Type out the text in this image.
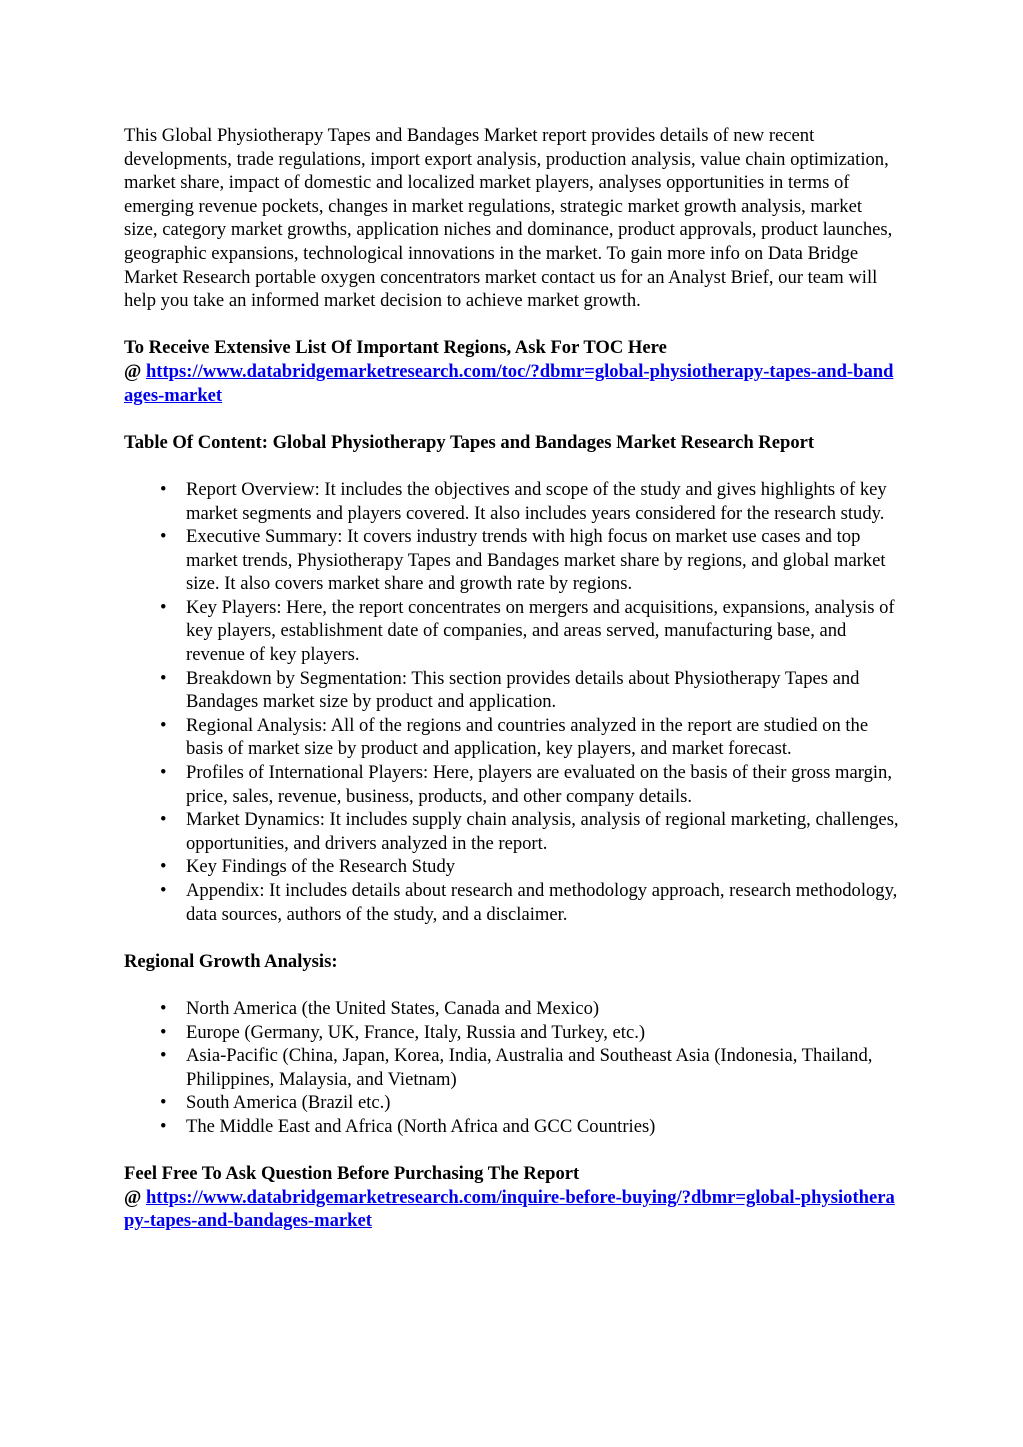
This Global Physiotherapy Tapes and Bandages Market report provides details of new recent developments, trade regulations, import export analysis, production analysis, value chain optimization, market share, impact of domestic and localized market players, analyses opportunities in terms of emerging revenue pockets, changes in market regulations, strategic market growth analysis, market size, category market growths, application niches and dominance, product approvals, product launches, geographic expansions, technological innovations in the market. To gain more info on Data Bridge Market Research portable oxygen concentrators market contact us for an Analyst Brief, our team will help you take an informed market decision to achieve market growth.

To Receive Extensive List Of Important Regions, Ask For TOC Here

@ https://www.databridgemarketresearch.com/toc/?dbmr=global-physiotherapy-tapes-and-bandages-market

Table Of Content: Global Physiotherapy Tapes and Bandages Market Research Report

• Report Overview: It includes the objectives and scope of the study and gives highlights of key market segments and players covered. It also includes years considered for the research study.
• Executive Summary: It covers industry trends with high focus on market use cases and top market trends, Physiotherapy Tapes and Bandages market share by regions, and global market size. It also covers market share and growth rate by regions.
• Key Players: Here, the report concentrates on mergers and acquisitions, expansions, analysis of key players, establishment date of companies, and areas served, manufacturing base, and revenue of key players.
• Breakdown by Segmentation: This section provides details about Physiotherapy Tapes and Bandages market size by product and application.
• Regional Analysis: All of the regions and countries analyzed in the report are studied on the basis of market size by product and application, key players, and market forecast.
• Profiles of International Players: Here, players are evaluated on the basis of their gross margin, price, sales, revenue, business, products, and other company details.
• Market Dynamics: It includes supply chain analysis, analysis of regional marketing, challenges, opportunities, and drivers analyzed in the report.
• Key Findings of the Research Study
• Appendix: It includes details about research and methodology approach, research methodology, data sources, authors of the study, and a disclaimer.

Regional Growth Analysis:

• North America (the United States, Canada and Mexico)
• Europe (Germany, UK, France, Italy, Russia and Turkey, etc.)
• Asia-Pacific (China, Japan, Korea, India, Australia and Southeast Asia (Indonesia, Thailand, Philippines, Malaysia, and Vietnam)
• South America (Brazil etc.)
• The Middle East and Africa (North Africa and GCC Countries)

Feel Free To Ask Question Before Purchasing The Report

@ https://www.databridgemarketresearch.com/inquire-before-buying/?dbmr=global-physiotherapy-tapes-and-bandages-market
